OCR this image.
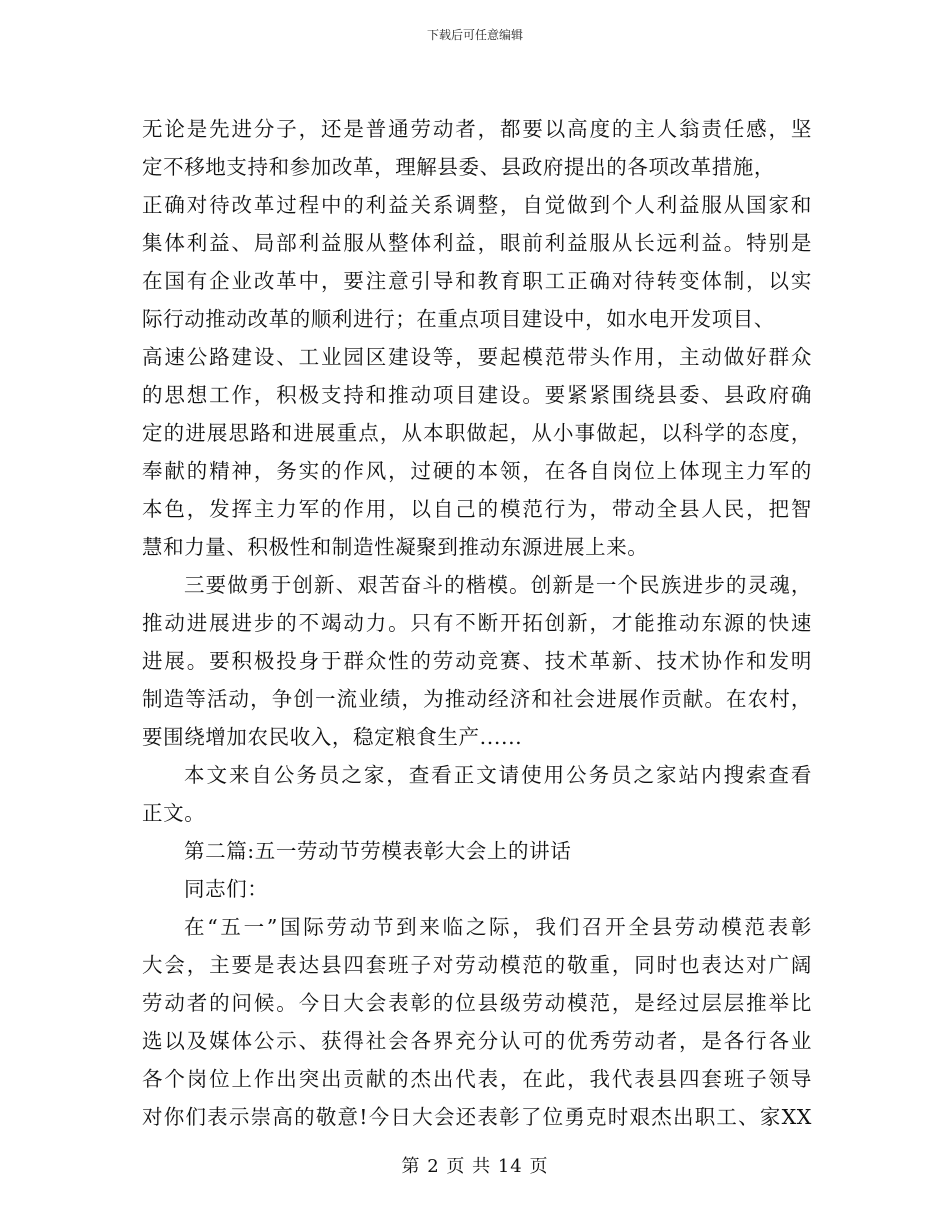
下载后可任意编辑
无论是先进分子，还是普通劳动者，都要以高度的主人翁责任感，坚
定不移地支持和参加改革，理解县委、县政府提出的各项改革措施，
正确对待改革过程中的利益关系调整，自觉做到个人利益服从国家和
集体利益、局部利益服从整体利益，眼前利益服从长远利益。特别是
在国有企业改革中，要注意引导和教育职工正确对待转变体制，以实
际行动推动改革的顺利进行；在重点项目建设中，如水电开发项目、
高速公路建设、工业园区建设等，要起模范带头作用，主动做好群众
的思想工作，积极支持和推动项目建设。要紧紧围绕县委、县政府确
定的进展思路和进展重点，从本职做起，从小事做起，以科学的态度，
奉献的精神，务实的作风，过硬的本领，在各自岗位上体现主力军的
本色，发挥主力军的作用，以自己的模范行为，带动全县人民，把智
慧和力量、积极性和制造性凝聚到推动东源进展上来。
三要做勇于创新、艰苦奋斗的楷模。创新是一个民族进步的灵魂，
推动进展进步的不竭动力。只有不断开拓创新，才能推动东源的快速
进展。要积极投身于群众性的劳动竞赛、技术革新、技术协作和发明
制造等活动，争创一流业绩，为推动经济和社会进展作贡献。在农村，
要围绕增加农民收入，稳定粮食生产......
本文来自公务员之家，查看正文请使用公务员之家站内搜索查看
正文。
第二篇:五一劳动节劳模表彰大会上的讲话
同志们：
在“五一”国际劳动节到来临之际，我们召开全县劳动模范表彰
大会，主要是表达县四套班子对劳动模范的敬重，同时也表达对广阔
劳动者的问候。今日大会表彰的位县级劳动模范，是经过层层推举比
选以及媒体公示、获得社会各界充分认可的优秀劳动者，是各行各业
各个岗位上作出突出贡献的杰出代表，在此，我代表县四套班子领导
对你们表示崇高的敬意!今日大会还表彰了位勇克时艰杰出职工、家XX
第 2 页 共 14 页
